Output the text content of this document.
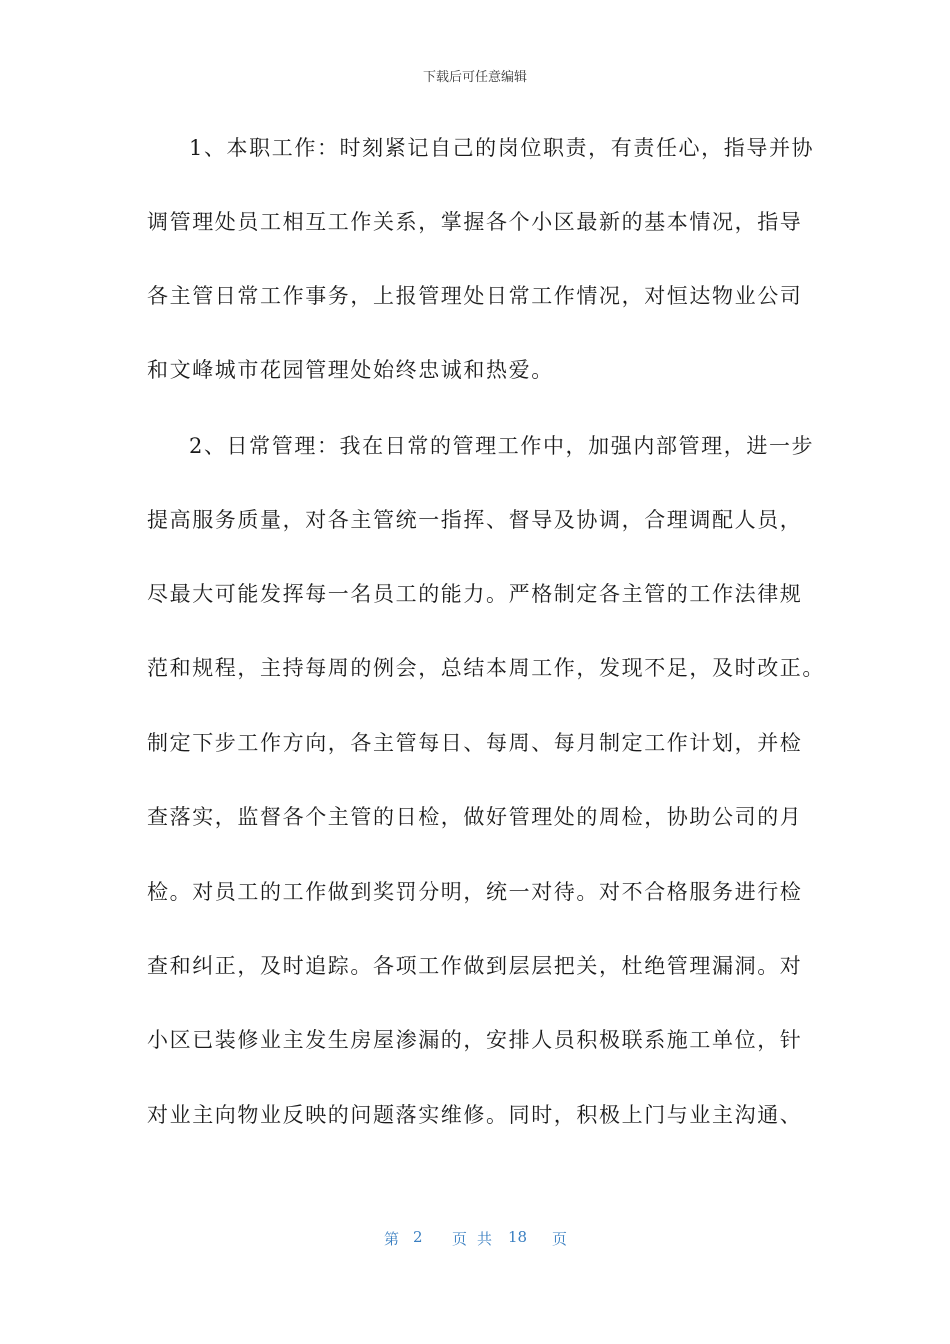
下载后可任意编辑
1、本职工作：时刻紧记自己的岗位职责，有责任心，指导并协
调管理处员工相互工作关系，掌握各个小区最新的基本情况，指导
各主管日常工作事务，上报管理处日常工作情况，对恒达物业公司
和文峰城市花园管理处始终忠诚和热爱。
2、日常管理：我在日常的管理工作中，加强内部管理，进一步
提高服务质量，对各主管统一指挥、督导及协调，合理调配人员，
尽最大可能发挥每一名员工的能力。严格制定各主管的工作法律规
范和规程，主持每周的例会，总结本周工作，发现不足，及时改正。
制定下步工作方向，各主管每日、每周、每月制定工作计划，并检
查落实，监督各个主管的日检，做好管理处的周检，协助公司的月
检。对员工的工作做到奖罚分明，统一对待。对不合格服务进行检
查和纠正，及时追踪。各项工作做到层层把关，杜绝管理漏洞。对
小区已装修业主发生房屋渗漏的，安排人员积极联系施工单位，针
对业主向物业反映的问题落实维修。同时，积极上门与业主沟通、
第 2 页共 18 页
